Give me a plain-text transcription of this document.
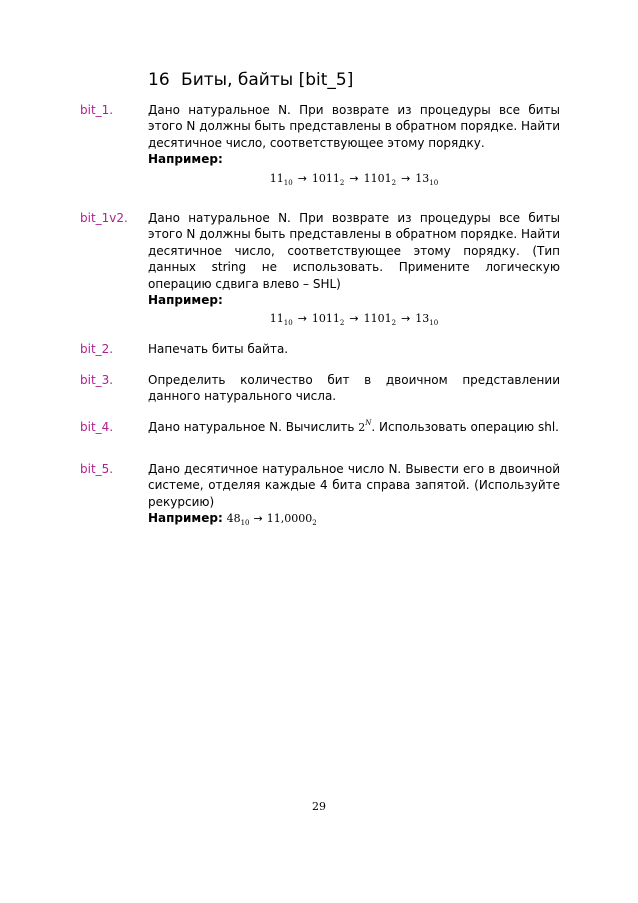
16 Биты, байты [bit_5]
bit_1.	Дано натуральное N. При возврате из процедуры все биты этого N должны быть представлены в обратном порядке. Найти десятичное число, соответствующее этому порядку.

Например:
$11_{10} \to 1011_2 \to 1101_2 \to 13_{10}$
bit_1v2. Дано натуральное N. При возврате из процедуры все биты этого N должны быть представлены в обратном порядке. Найти десятичное число, соответствующее этому порядку. (Тип данных string не использовать. Примените логическую операцию сдвига влево – SHL)

Например:
$11_{10} \to 1011_2 \to 1101_2 \to 13_{10}$
bit_2.	Напечать биты байта.

bit_3.	Определить количество бит в двоичном представлении данного натурального числа.

bit_4.	Дано натуральное N. Вычислить $2^N$. Использовать операцию shl.

bit_5.	Дано десятичное натуральное число N. Вывести его в двоичной системе, отделяя каждые 4 бита справа запятой. (Используйте рекурсию)

Например: $48_{10} \to 11,0000_2$
29
